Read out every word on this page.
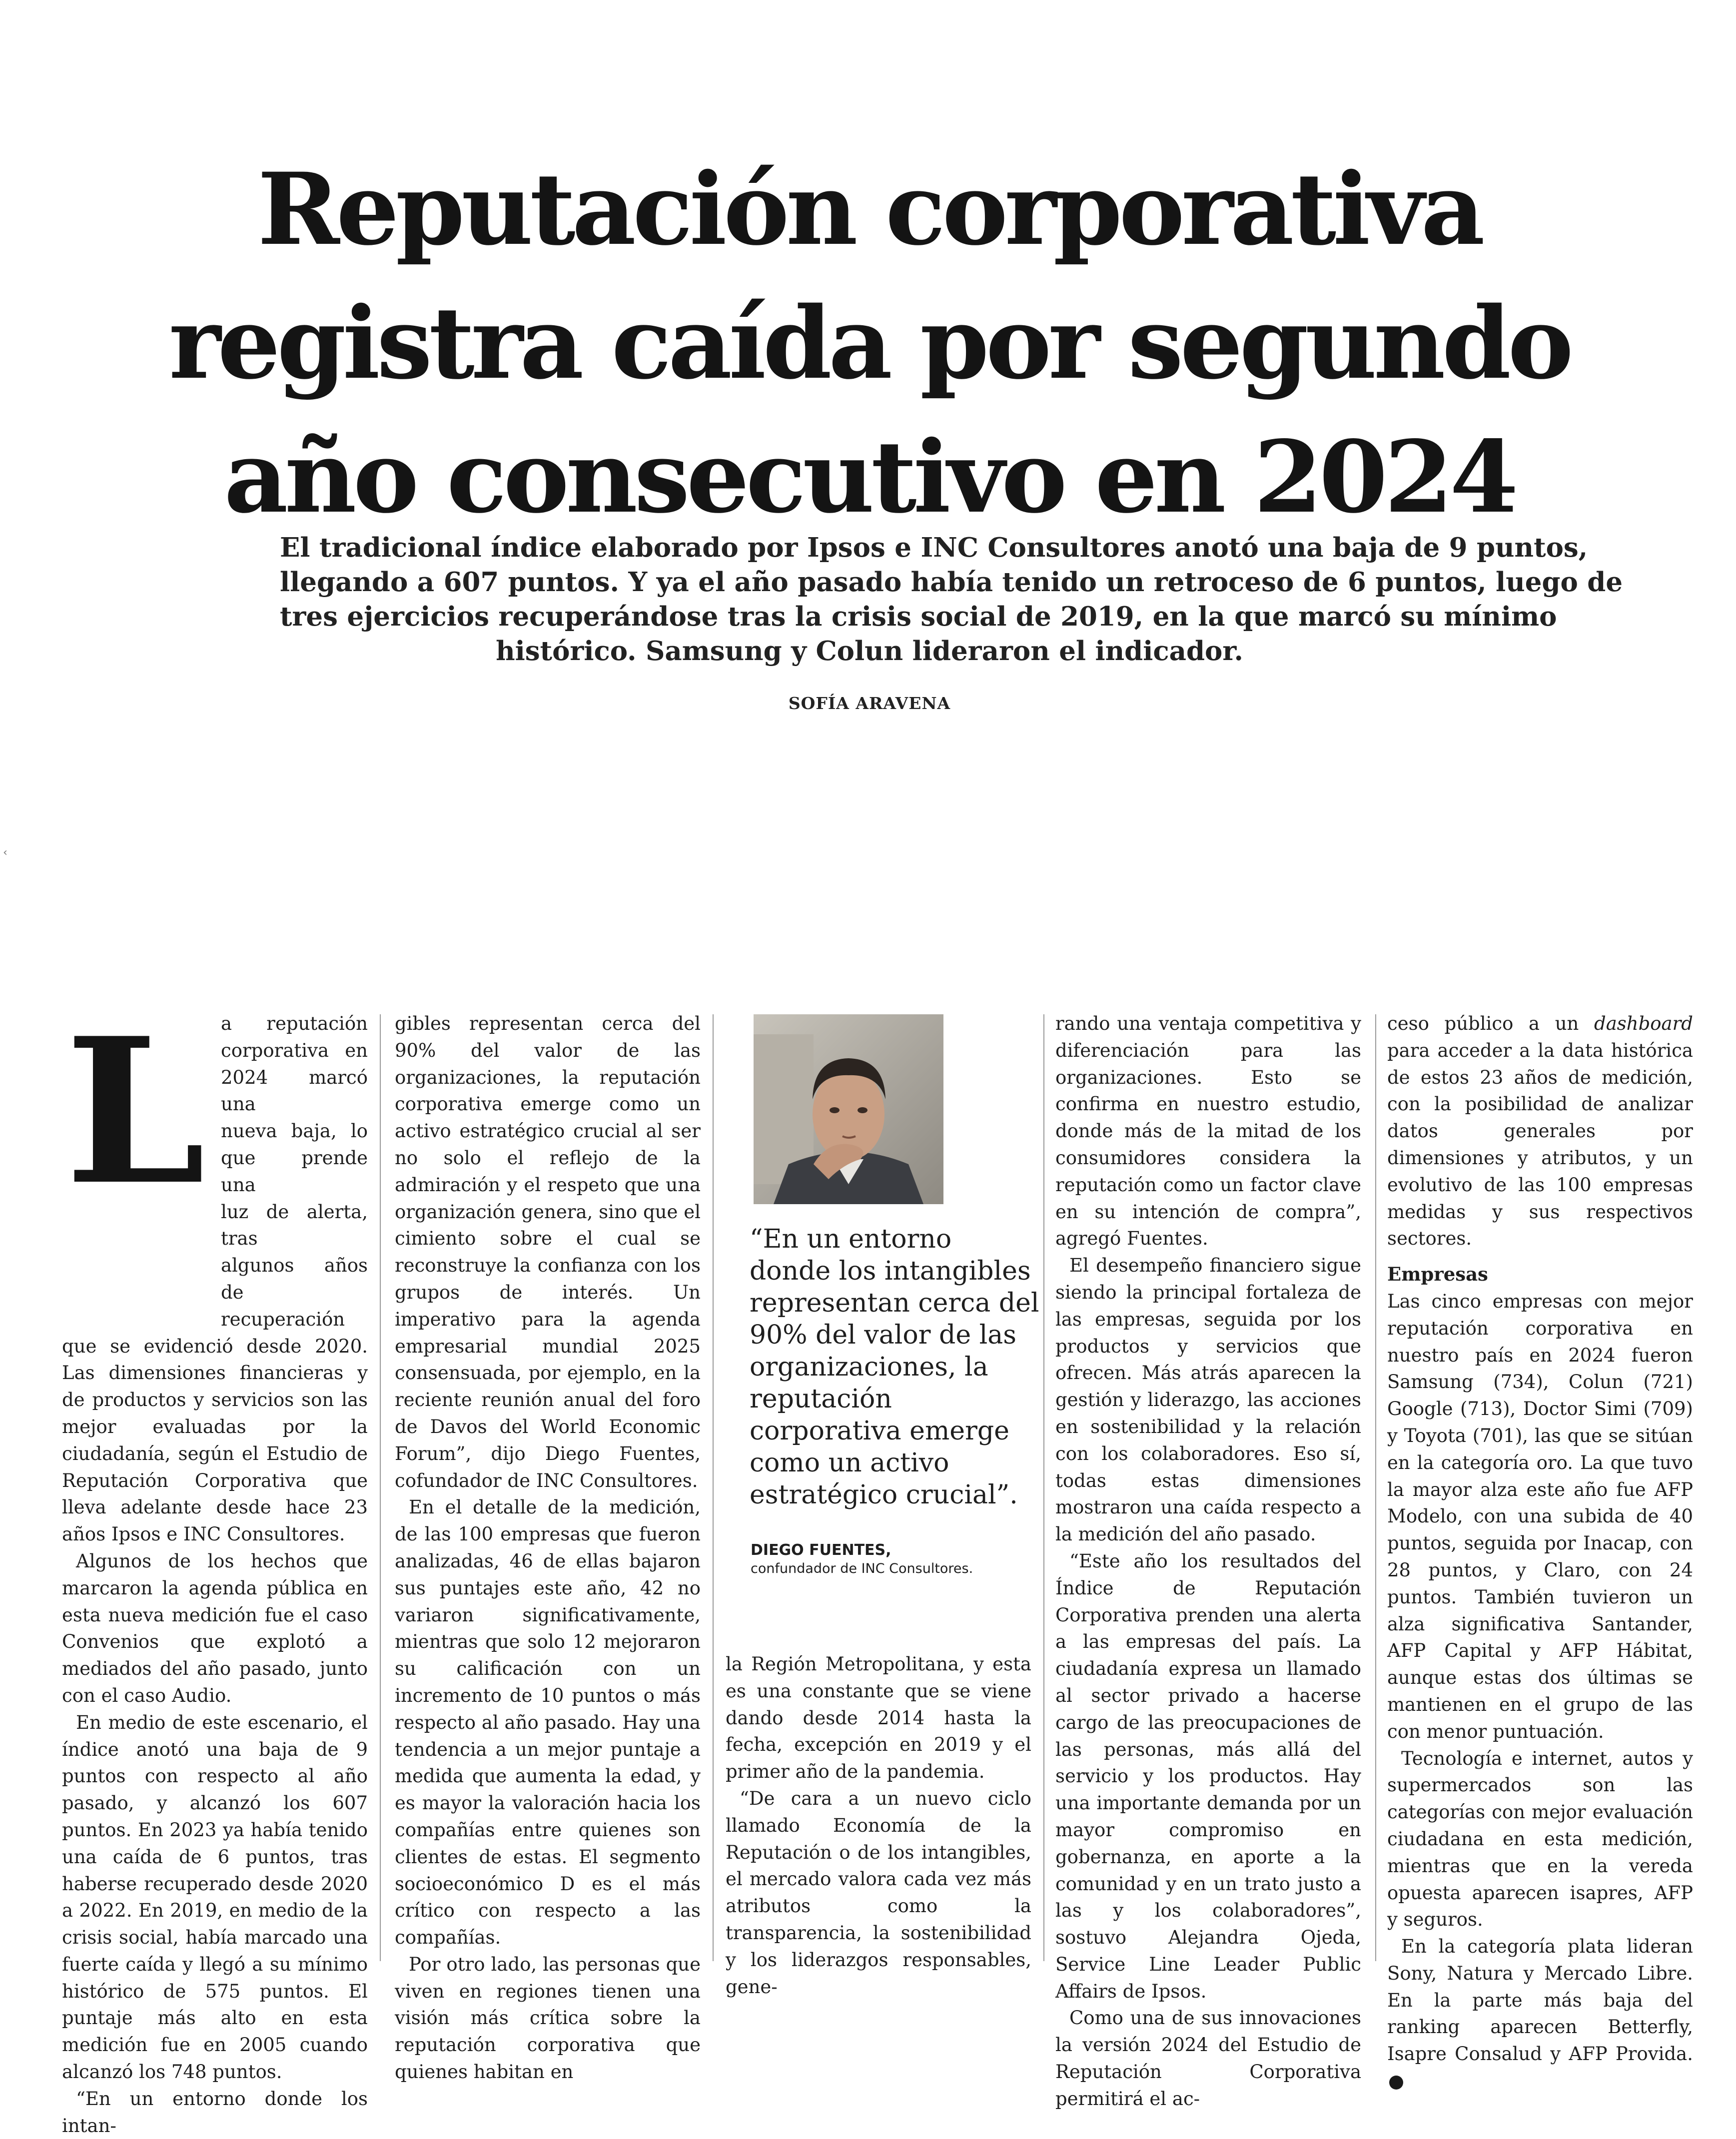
Reputación corporativa
registra caída por segundo
año consecutivo en 2024
El tradicional índice elaborado por Ipsos e INC Consultores anotó una baja de 9 puntos,
llegando a 607 puntos. Y ya el año pasado había tenido un retroceso de 6 puntos, luego de
tres ejercicios recuperándose tras la crisis social de 2019, en la que marcó su mínimo
histórico. Samsung y Colun lideraron el indicador.
SOFÍA ARAVENA
‹
L a reputación
corporativa en
2024 marcó una
nueva baja, lo
que prende una
luz de alerta, tras
algunos años de
recuperación

que se evidenció desde 2020. Las dimensiones financieras y de productos y servicios son las mejor evaluadas por la ciudadanía, según el Estudio de Reputación Corporativa que lleva adelante desde hace 23 años Ipsos e INC Consultores.

Algunos de los hechos que marcaron la agenda pública en esta nueva medición fue el caso Convenios que explotó a mediados del año pasado, junto con el caso Audio.

En medio de este escenario, el índice anotó una baja de 9 puntos con respecto al año pasado, y alcanzó los 607 puntos. En 2023 ya había tenido una caída de 6 puntos, tras haberse recuperado desde 2020 a 2022. En 2019, en medio de la crisis social, había marcado una fuerte caída y llegó a su mínimo histórico de 575 puntos. El puntaje más alto en esta medición fue en 2005 cuando alcanzó los 748 puntos.

“En un entorno donde los intan-

gibles representan cerca del 90% del valor de las organizaciones, la reputación corporativa emerge como un activo estratégico crucial al ser no solo el reflejo de la admiración y el respeto que una organización genera, sino que el cimiento sobre el cual se reconstruye la confianza con los grupos de interés. Un imperativo para la agenda empresarial mundial 2025 consensuada, por ejemplo, en la reciente reunión anual del foro de Davos del World Economic Forum”, dijo Diego Fuentes, cofundador de INC Consultores.

En el detalle de la medición, de las 100 empresas que fueron analizadas, 46 de ellas bajaron sus puntajes este año, 42 no variaron significativamente, mientras que solo 12 mejoraron su calificación con un incremento de 10 puntos o más respecto al año pasado. Hay una tendencia a un mejor puntaje a medida que aumenta la edad, y es mayor la valoración hacia los compañías entre quienes son clientes de estas. El segmento socioeconómico D es el más crítico con respecto a las compañías.

Por otro lado, las personas que viven en regiones tienen una visión más crítica sobre la reputación corporativa que quienes habitan en

“En un entorno
donde los intangibles
representan cerca del
90% del valor de las
organizaciones, la
reputación
corporativa emerge
como un activo
estratégico crucial”.
DIEGO FUENTES,
confundador de INC Consultores.

la Región Metropolitana, y esta es una constante que se viene dando desde 2014 hasta la fecha, excepción en 2019 y el primer año de la pandemia.

“De cara a un nuevo ciclo llamado Economía de la Reputación o de los intangibles, el mercado valora cada vez más atributos como la transparencia, la sostenibilidad y los liderazgos responsables, gene-

rando una ventaja competitiva y diferenciación para las organizaciones. Esto se confirma en nuestro estudio, donde más de la mitad de los consumidores considera la reputación como un factor clave en su intención de compra”, agregó Fuentes.

El desempeño financiero sigue siendo la principal fortaleza de las empresas, seguida por los productos y servicios que ofrecen. Más atrás aparecen la gestión y liderazgo, las acciones en sostenibilidad y la relación con los colaboradores. Eso sí, todas estas dimensiones mostraron una caída respecto a la medición del año pasado.

“Este año los resultados del Índice de Reputación Corporativa prenden una alerta a las empresas del país. La ciudadanía expresa un llamado al sector privado a hacerse cargo de las preocupaciones de las personas, más allá del servicio y los productos. Hay una importante demanda por un mayor compromiso en gobernanza, en aporte a la comunidad y en un trato justo a las y los colaboradores”, sostuvo Alejandra Ojeda, Service Line Leader Public Affairs de Ipsos.

Como una de sus innovaciones la versión 2024 del Estudio de Reputación Corporativa permitirá el ac-

ceso público a un dashboard para acceder a la data histórica de estos 23 años de medición, con la posibilidad de analizar datos generales por dimensiones y atributos, y un evolutivo de las 100 empresas medidas y sus respectivos sectores.

Empresas

Las cinco empresas con mejor reputación corporativa en nuestro país en 2024 fueron Samsung (734), Colun (721) Google (713), Doctor Simi (709) y Toyota (701), las que se sitúan en la categoría oro. La que tuvo la mayor alza este año fue AFP Modelo, con una subida de 40 puntos, seguida por Inacap, con 28 puntos, y Claro, con 24 puntos. También tuvieron un alza significativa Santander, AFP Capital y AFP Hábitat, aunque estas dos últimas se mantienen en el grupo de las con menor puntuación.

Tecnología e internet, autos y supermercados son las categorías con mejor evaluación ciudadana en esta medición, mientras que en la vereda opuesta aparecen isapres, AFP y seguros.

En la categoría plata lideran Sony, Natura y Mercado Libre. En la parte más baja del ranking aparecen Betterfly, Isapre Consalud y AFP Provida.P
